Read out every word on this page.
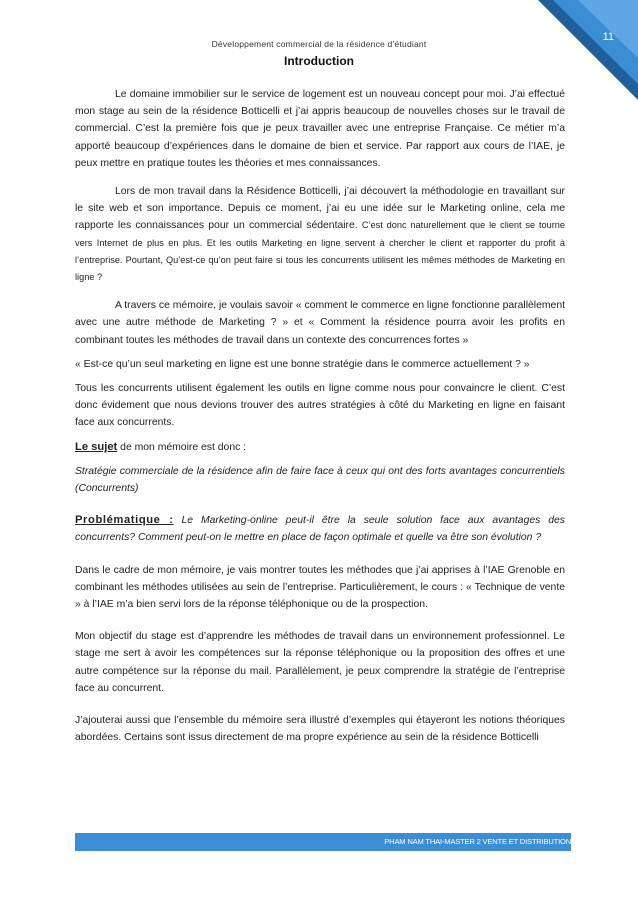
11
Développement commercial de la résidence d’étudiant
Introduction

Le domaine immobilier sur le service de logement est un nouveau concept pour moi. J’ai effectué mon stage au sein de la résidence Botticelli et j’ai appris beaucoup de nouvelles choses sur le travail de commercial. C’est la première fois que je peux travailler avec une entreprise Française. Ce métier m’a apporté beaucoup d’expériences dans le domaine de bien et service. Par rapport aux cours de l’IAE, je peux mettre en pratique toutes les théories et mes connaissances.

Lors de mon travail dans la Résidence Botticelli, j’ai découvert la méthodologie en travaillant sur le site web et son importance. Depuis ce moment, j’ai eu une idée sur le Marketing online, cela me rapporte les connaissances pour un commercial sédentaire. C’est donc naturellement que le client se tourne vers Internet de plus en plus. Et les outils Marketing en ligne servent à chercher le client et rapporter du profit à l’entreprise. Pourtant, Qu’est-ce qu’on peut faire si tous les concurrents utilisent les mêmes méthodes de Marketing en ligne ?

A travers ce mémoire, je voulais savoir « comment le commerce en ligne fonctionne parallèlement avec une autre méthode de Marketing ? » et « Comment la résidence pourra avoir les profits en combinant toutes les méthodes de travail dans un contexte des concurrences fortes »

« Est-ce qu’un seul marketing en ligne est une bonne stratégie dans le commerce actuellement ? »

Tous les concurrents utilisent également les outils en ligne comme nous pour convaincre le client. C’est donc évidement que nous devions trouver des autres stratégies à côté du Marketing en ligne en faisant face aux concurrents.

Le sujet de mon mémoire est donc :

Stratégie commerciale de la résidence afin de faire face à ceux qui ont des forts avantages concurrentiels (Concurrents)

Problématique : Le Marketing-online peut-il être la seule solution face aux avantages des concurrents? Comment peut-on le mettre en place de façon optimale et quelle va être son évolution ?

Dans le cadre de mon mémoire, je vais montrer toutes les méthodes que j’ai apprises à l’IAE Grenoble en combinant les méthodes utilisées au sein de l’entreprise. Particulièrement, le cours : « Technique de vente » à l’IAE m’a bien servi lors de la réponse téléphonique ou de la prospection.

Mon objectif du stage est d’apprendre les méthodes de travail dans un environnement professionnel. Le stage me sert à avoir les compétences sur la réponse téléphonique ou la proposition des offres et une autre compétence sur la réponse du mail. Parallèlement, je peux comprendre la stratégie de l’entreprise face au concurrent.

J’ajouterai aussi que l’ensemble du mémoire sera illustré d’exemples qui étayeront les notions théoriques abordées. Certains sont issus directement de ma propre expérience au sein de la résidence Botticelli

PHAM NAM THAI-MASTER 2 VENTE ET DISTRIBUTION
